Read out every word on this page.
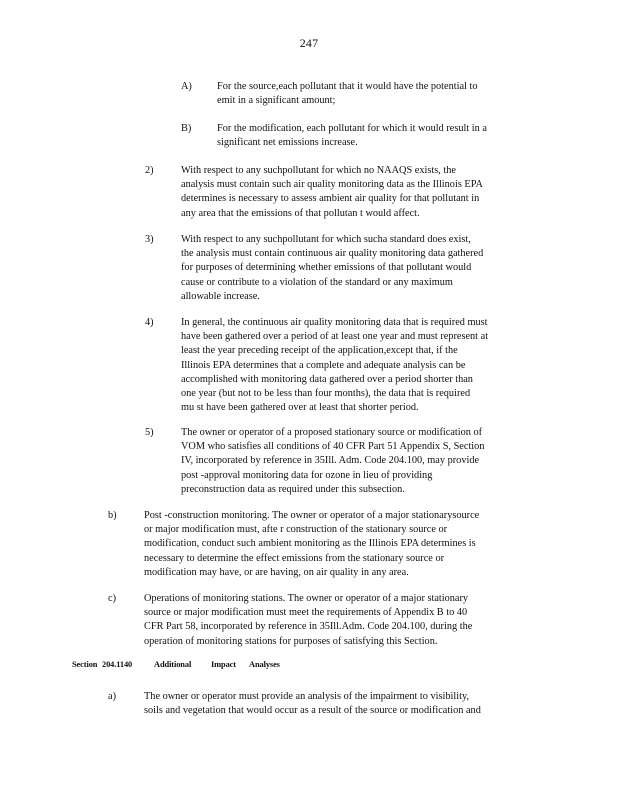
247
A) For the source,each pollutant that it would have the potential to
emit in a significant amount;
B) For the modification, each pollutant for which it would result in a
significant net emissions increase.
2)	With respect to any suchpollutant for which no NAAQS exists, the
analysis must contain such air quality monitoring data as the Illinois EPA
determines is necessary to assess ambient air quality for that pollutant in
any area that the emissions of that pollutan t would affect.
3)	With respect to any suchpollutant for which sucha standard does exist,
the analysis must contain continuous air quality monitoring data gathered
for purposes of determining whether emissions of that pollutant would
cause or contribute to a violation of the standard or any maximum
allowable increase.
4)	In general, the continuous air quality monitoring data that is required must
have been gathered over a period of at least one year and must represent at
least the year preceding receipt of the application,except that, if the
Illinois EPA determines that a complete and adequate analysis can be
accomplished with monitoring data gathered over a period shorter than
one year (but not to be less than four months), the data that is required
mu st have been gathered over at least that shorter period.
5)	The owner or operator of a proposed stationary source or modification of
VOM who satisfies all conditions of 40 CFR Part 51 Appendix S, Section
IV, incorporated by reference in 35Ill. Adm. Code 204.100, may provide
post -approval monitoring data for ozone in lieu of providing
preconstruction data as required under this subsection.
b)	Post -construction monitoring. The owner or operator of a major stationarysource
or major modification must, afte r construction of the stationary source or
modification, conduct such ambient monitoring as the Illinois EPA determines is
necessary to determine the effect emissions from the stationary source or
modification may have, or are having, on air quality in any area.
c)	Operations of monitoring stations. The owner or operator of a major stationary
source or major modification must meet the requirements of Appendix B to 40
CFR Part 58, incorporated by reference in 35Ill.Adm. Code 204.100, during the
operation of monitoring stations for purposes of satisfying this Section.
Section 204.1140	Additional Impact Analyses
a)	The owner or operator must provide an analysis of the impairment to visibility,
soils and vegetation that would occur as a result of the source or modification and
